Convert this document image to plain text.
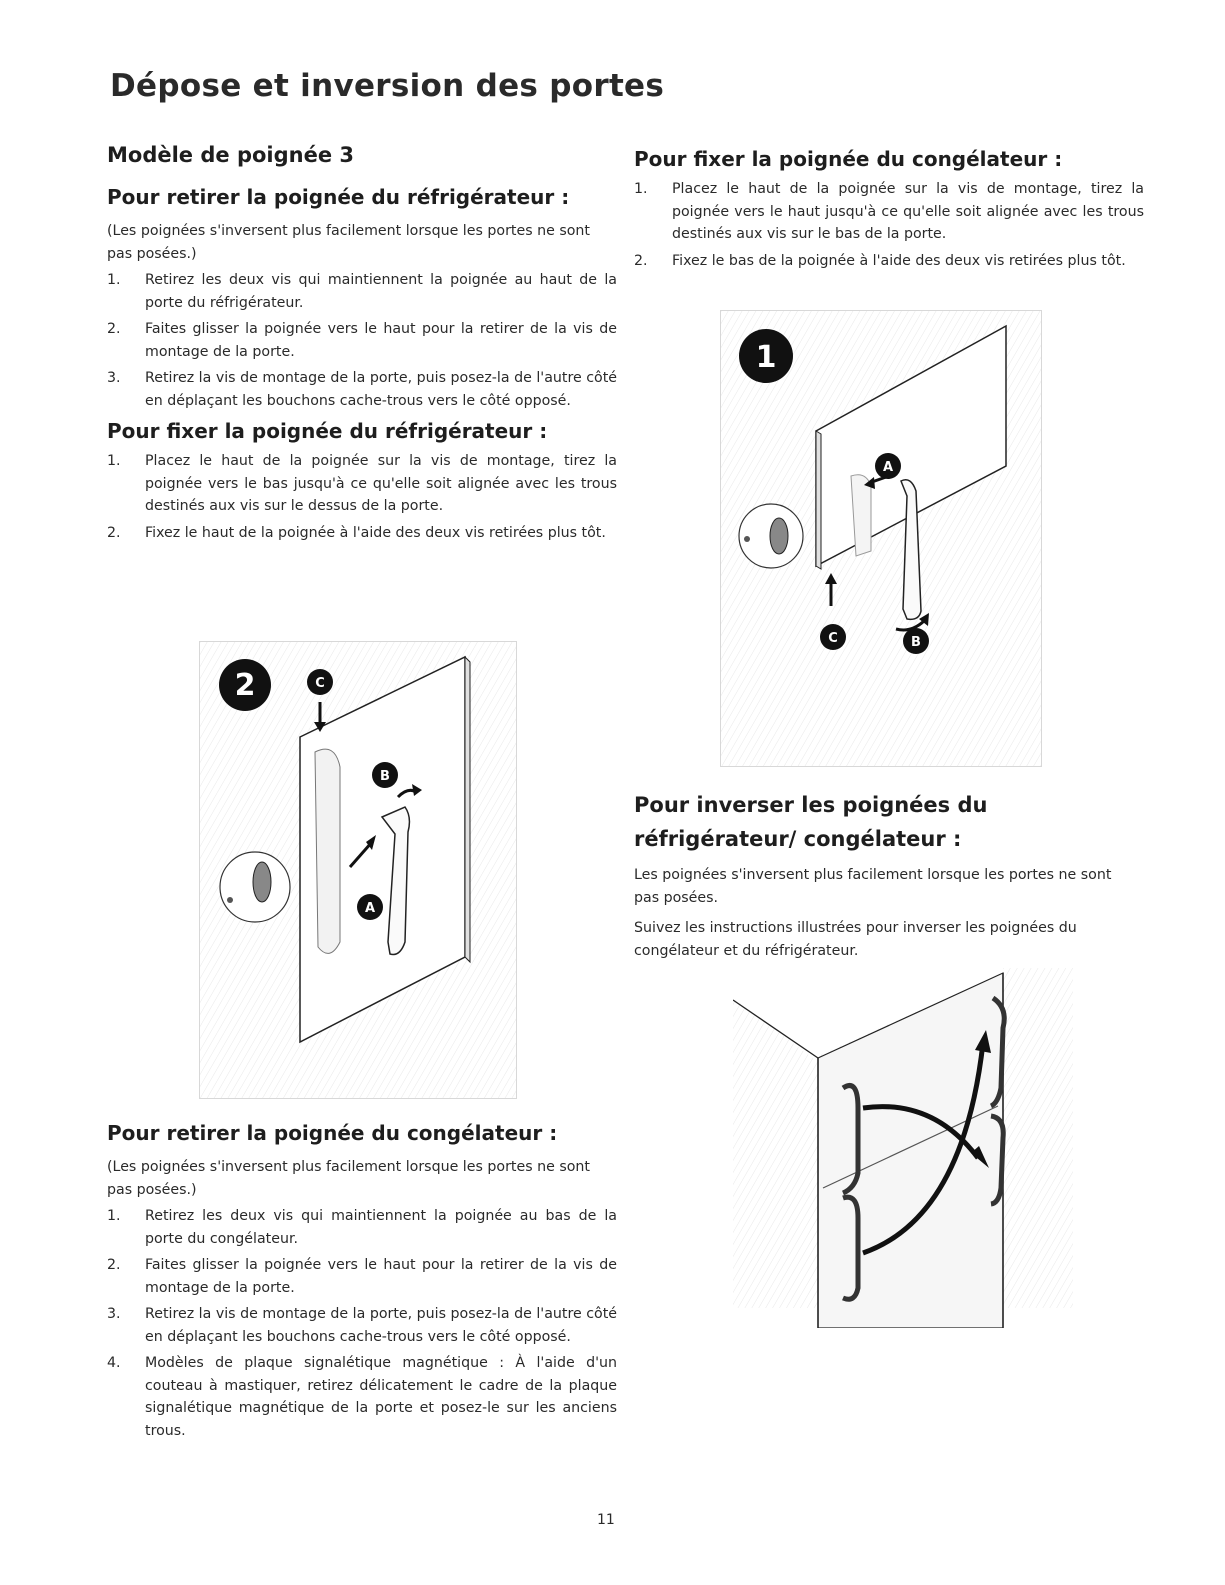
Dépose et inversion des portes
Modèle de poignée 3
Pour retirer la poignée du réfrigérateur :

(Les poignées s'inversent plus facilement lorsque les portes ne sont pas posées.)

1. Retirez les deux vis qui maintiennent la poignée au haut de la porte du réfrigérateur.
2. Faites glisser la poignée vers le haut pour la retirer de la vis de montage de la porte.
3. Retirez la vis de montage de la porte, puis posez-la de l'autre côté en déplaçant les bouchons cache-trous vers le côté opposé.
Pour fixer la poignée du réfrigérateur :
1. Placez le haut de la poignée sur la vis de montage, tirez la poignée vers le bas jusqu'à ce qu'elle soit alignée avec les trous destinés aux vis sur le dessus de la porte.
2. Fixez le haut de la poignée à l'aide des deux vis retirées plus tôt.
Pour retirer la poignée du congélateur :

(Les poignées s'inversent plus facilement lorsque les portes ne sont pas posées.)

1. Retirez les deux vis qui maintiennent la poignée au bas de la porte du congélateur.
2. Faites glisser la poignée vers le haut pour la retirer de la vis de montage de la porte.
3. Retirez la vis de montage de la porte, puis posez-la de l'autre côté en déplaçant les bouchons cache-trous vers le côté opposé.
4. Modèles de plaque signalétique magnétique : À l'aide d'un couteau à mastiquer, retirez délicatement le cadre de la plaque signalétique magnétique de la porte et posez-le sur les anciens trous.
Pour fixer la poignée du congélateur :
1. Placez le haut de la poignée sur la vis de montage, tirez la poignée vers le haut jusqu'à ce qu'elle soit alignée avec les trous destinés aux vis sur le bas de la porte.
2. Fixez le bas de la poignée à l'aide des deux vis retirées plus tôt.
Pour inverser les poignées du réfrigérateur/ congélateur :

Les poignées s'inversent plus facilement lorsque les portes ne sont pas posées.

Suivez les instructions illustrées pour inverser les poignées du congélateur et du réfrigérateur.

2	C
B
A
1
A
C	B
11
